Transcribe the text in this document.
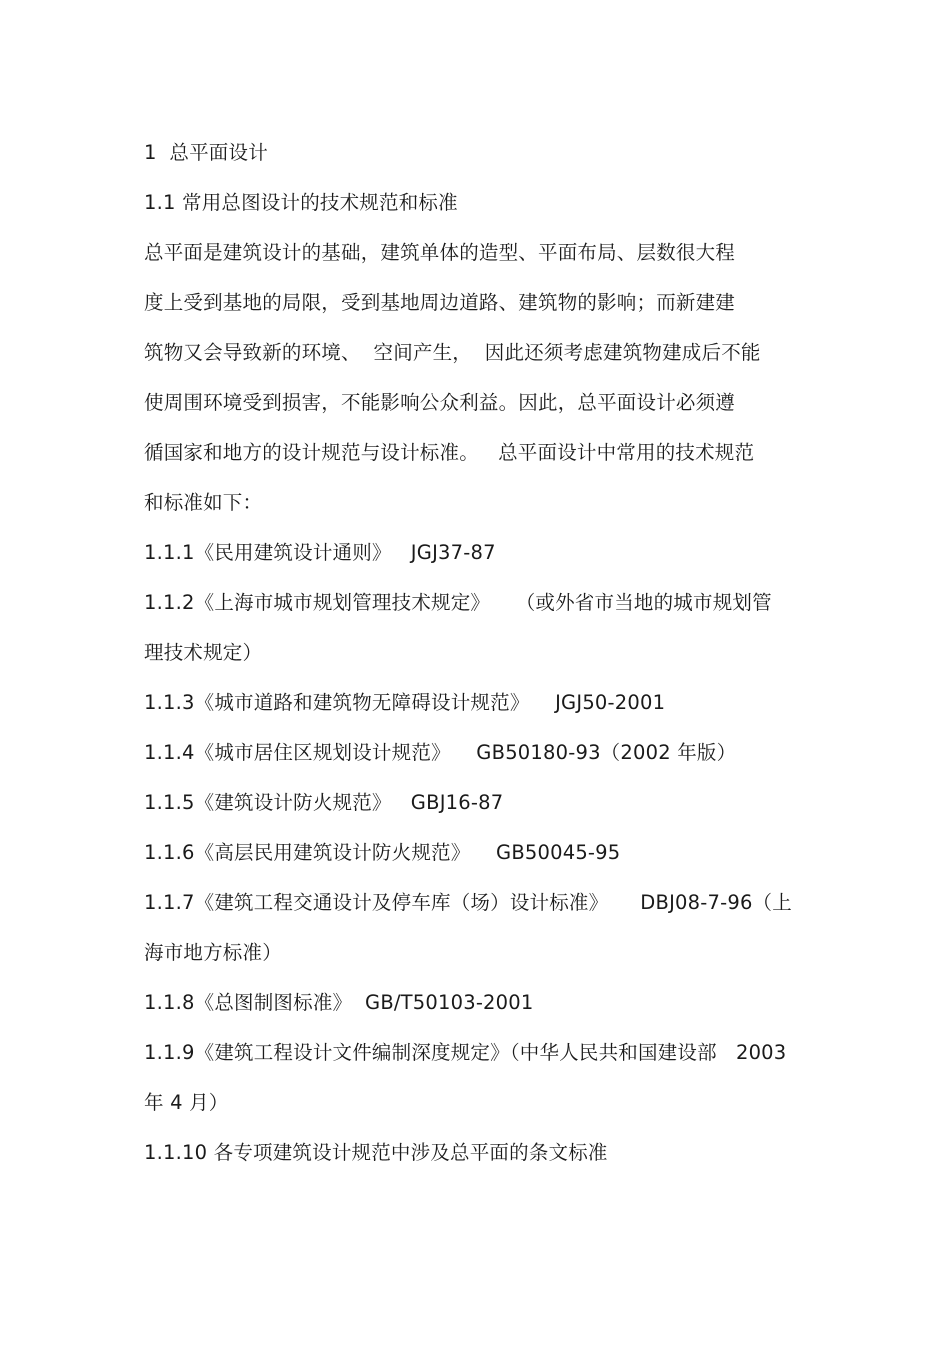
1  总平面设计
1.1 常用总图设计的技术规范和标准
总平面是建筑设计的基础，建筑单体的造型、平面布局、层数很大程
度上受到基地的局限，受到基地周边道路、建筑物的影响；而新建建
筑物又会导致新的环境、  空间产生，  因此还须考虑建筑物建成后不能
使周围环境受到损害，不能影响公众利益。因此，总平面设计必须遵
循国家和地方的设计规范与设计标准。   总平面设计中常用的技术规范
和标准如下：
1.1.1《民用建筑设计通则》   JGJ37-87
1.1.2《上海市城市规划管理技术规定》    （或外省市当地的城市规划管
理技术规定）
1.1.3《城市道路和建筑物无障碍设计规范》    JGJ50-2001
1.1.4《城市居住区规划设计规范》    GB50180-93（2002 年版）
1.1.5《建筑设计防火规范》   GBJ16-87
1.1.6《高层民用建筑设计防火规范》    GB50045-95
1.1.7《建筑工程交通设计及停车库（场）设计标准》     DBJ08-7-96（上
海市地方标准）
1.1.8《总图制图标准》  GB/T50103-2001
1.1.9《建筑工程设计文件编制深度规定》（中华人民共和国建设部   2003
年 4 月）
1.1.10 各专项建筑设计规范中涉及总平面的条文标准
